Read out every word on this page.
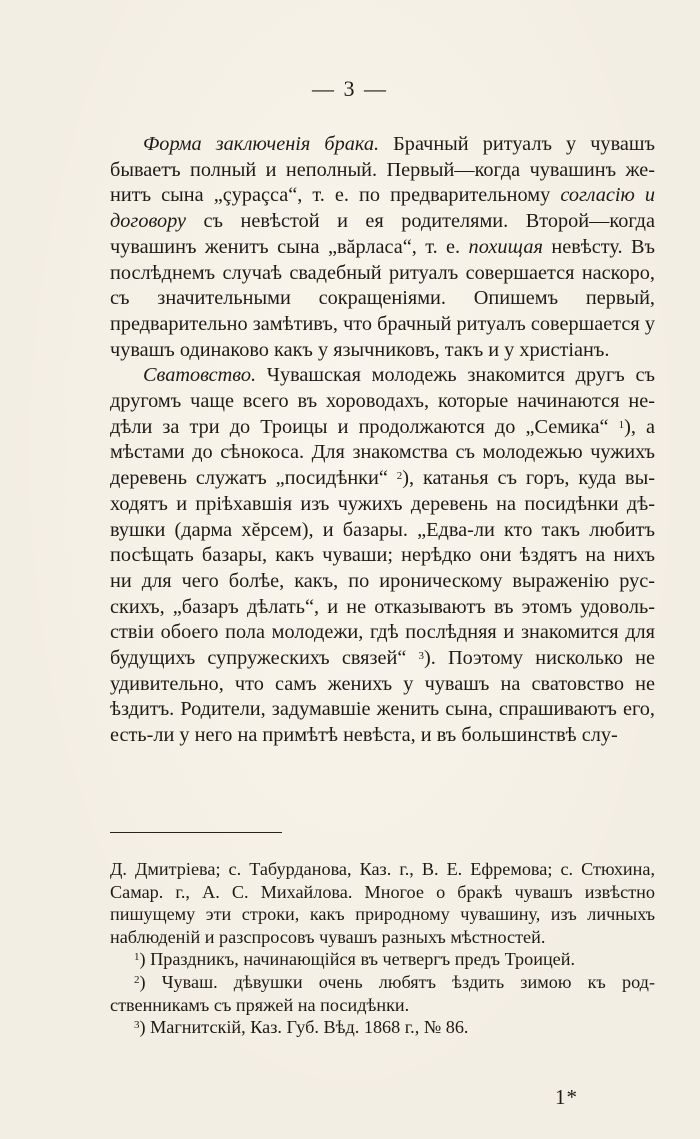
— 3 —

Форма заключенія брака. Брачный ритуалъ у чувашъ бываетъ полный и неполный. Первый—когда чувашинъ женитъ сына „çураçса“, т. е. по предварительному согласію и договору съ невѣстой и ея родителями. Второй—когда чувашинъ женитъ сына „вăрласа“, т. е. похищая невѣсту. Въ послѣднемъ случаѣ свадебный ритуалъ совершается наскоро, съ значительными сокращеніями. Опишемъ первый, предварительно замѣтивъ, что брачный ритуалъ совершается у чувашъ одинаково какъ у язычниковъ, такъ и у христіанъ.

Сватовство. Чувашская молодежь знакомится другъ съ другомъ чаще всего въ хороводахъ, которые начинаются недѣли за три до Троицы и продолжаются до „Семика“ $^1$), а мѣстами до сѣнокоса. Для знакомства съ молодежью чужихъ деревень служатъ „посидѣнки“ $^2$), катанья съ горъ, куда выходятъ и пріѣхавшія изъ чужихъ деревень на посидѣнки дѣвушки (дарма хĕрсем), и базары. „Едва-ли кто такъ любитъ посѣщать базары, какъ чуваши; нерѣдко они ѣздятъ на нихъ ни для чего болѣе, какъ, по ироническому выраженію русскихъ, „базаръ дѣлать“, и не отказываютъ въ этомъ удовольствіи обоего пола молодежи, гдѣ послѣдняя и знакомится для будущихъ супружескихъ связей“ $^3$). Поэтому нисколько не удивительно, что самъ женихъ у чувашъ на сватовство не ѣздитъ. Родители, задумавшіе женить сына, спрашиваютъ его, есть-ли у него на примѣтѣ невѣста, и въ большинствѣ слу-

Д. Дмитріева; с. Табурданова, Каз. г., В. Е. Ефремова; с. Стюхина, Самар. г., А. С. Михайлова. Многое о бракѣ чувашъ извѣстно пишущему эти строки, какъ природному чувашину, изъ личныхъ наблюденій и разспросовъ чувашъ разныхъ мѣстностей.

$^1$) Праздникъ, начинающійся въ четвергъ предъ Троицей.

$^2$) Чуваш. дѣвушки очень любятъ ѣздить зимою къ родственникамъ съ пряжей на посидѣнки.

$^3$) Магнитскій, Каз. Губ. Вѣд. 1868 г., № 86.

1*
